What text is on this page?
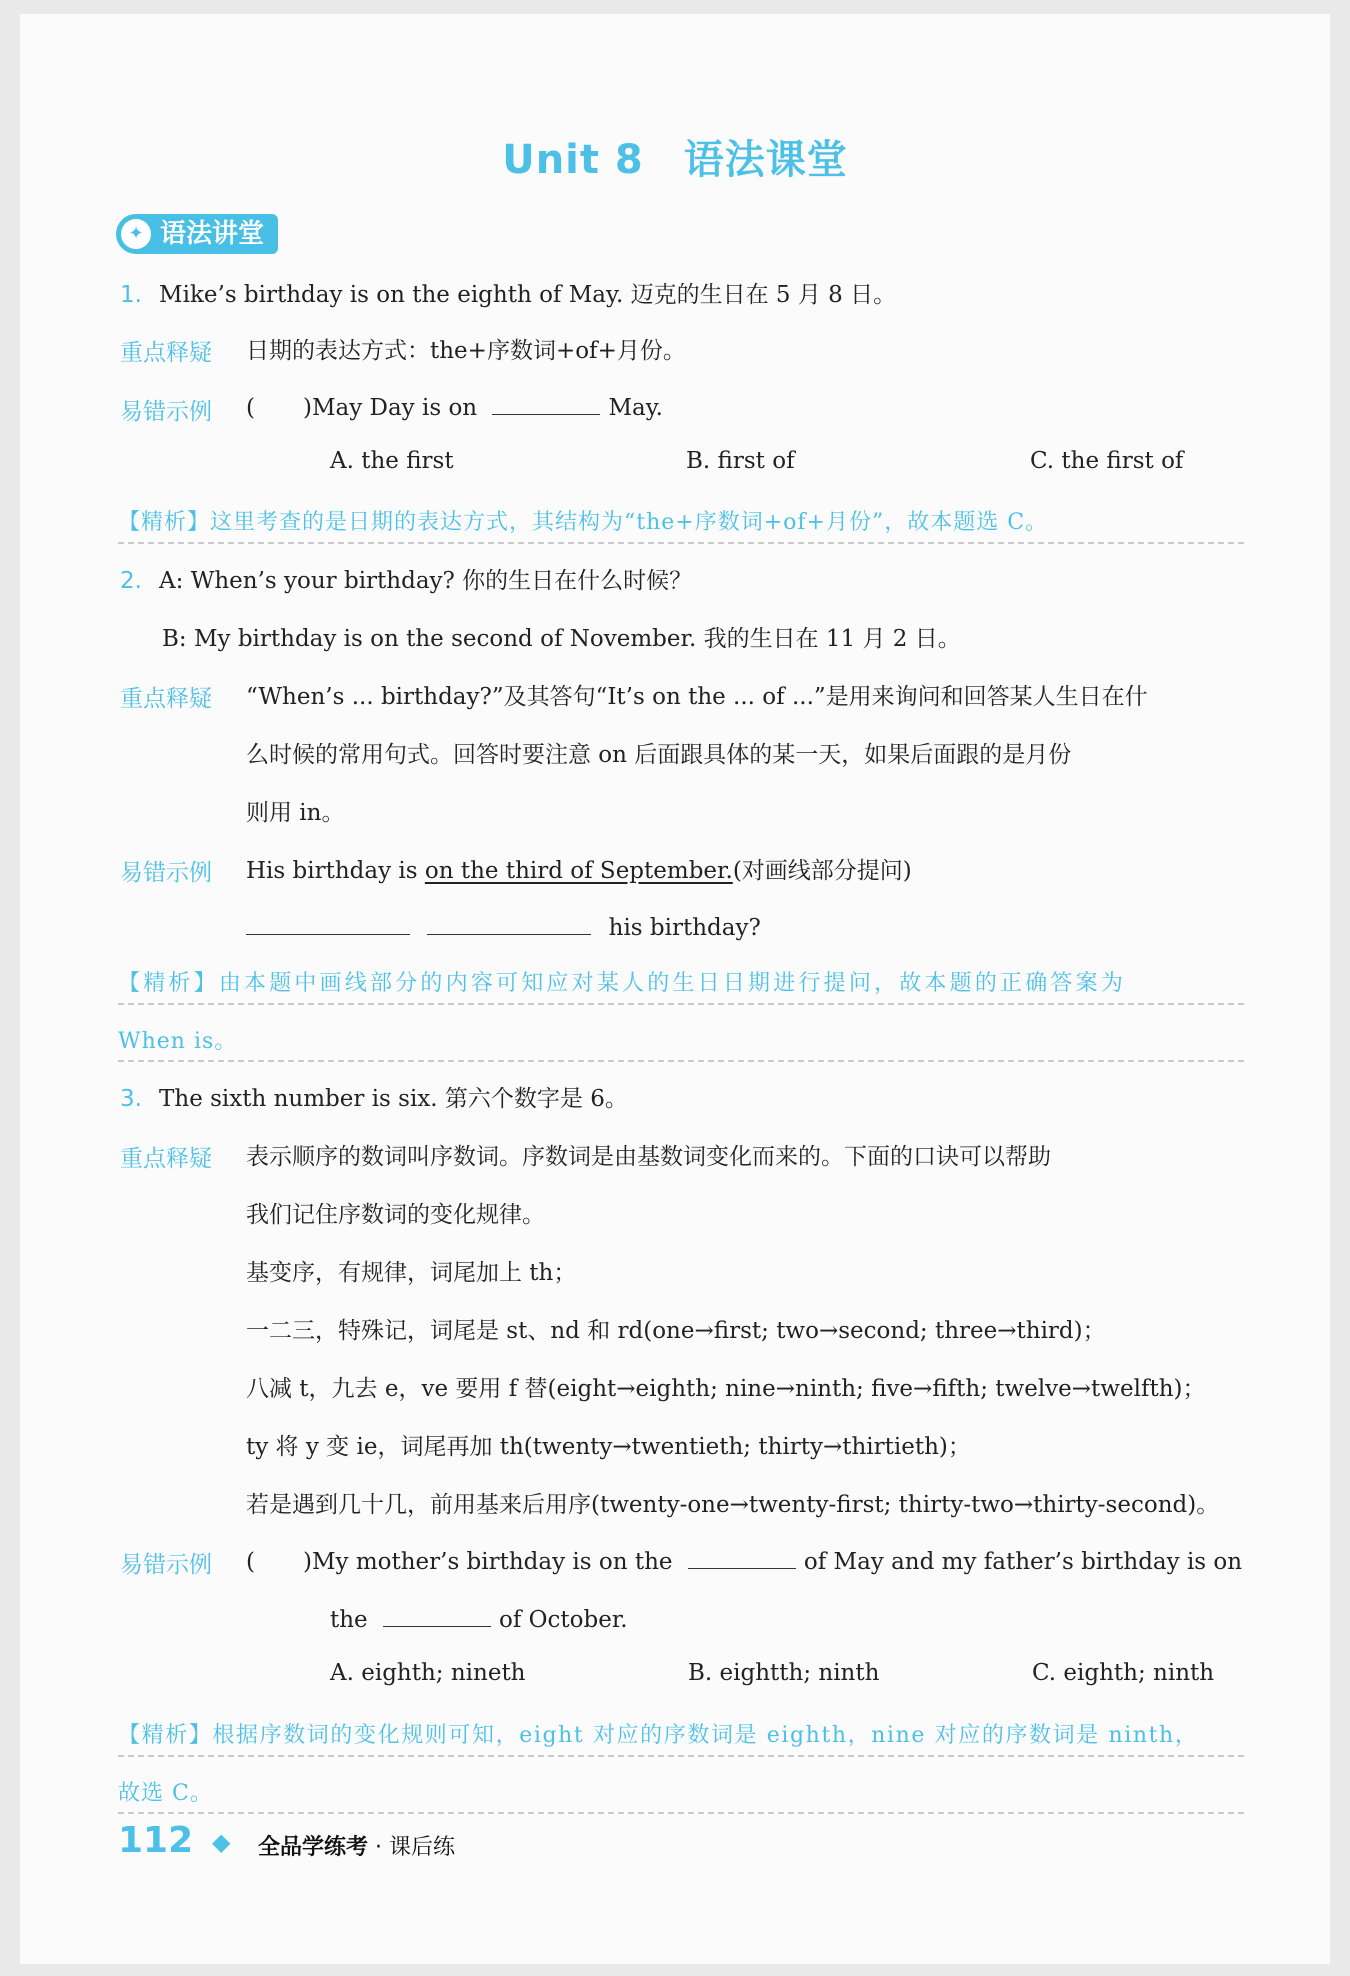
Unit 8 语法课堂
✦ 语法讲堂
1. Mike’s birthday is on the eighth of May. 迈克的生日在 5 月 8 日。
重点释疑 日期的表达方式：the+序数词+of+月份。
易错示例 ( )May Day is on	May.
A. the first	B. first of	C. the first of
【精析】这里考查的是日期的表达方式，其结构为“the+序数词+of+月份”，故本题选 C。
2. A: When’s your birthday? 你的生日在什么时候？
B: My birthday is on the second of November. 我的生日在 11 月 2 日。
重点释疑 “When’s ... birthday?”及其答句“It’s on the ... of ...”是用来询问和回答某人生日在什
么时候的常用句式。回答时要注意 on 后面跟具体的某一天，如果后面跟的是月份
则用 in。
易错示例 His birthday is on the third of September.(对画线部分提问)
his birthday?
【精析】由本题中画线部分的内容可知应对某人的生日日期进行提问，故本题的正确答案为
When is。
3. The sixth number is six. 第六个数字是 6。
重点释疑 表示顺序的数词叫序数词。序数词是由基数词变化而来的。下面的口诀可以帮助
我们记住序数词的变化规律。
基变序，有规律，词尾加上 th；
一二三，特殊记，词尾是 st、nd 和 rd(one→first; two→second; three→third)；
八减 t，九去 e，ve 要用 f 替(eight→eighth; nine→ninth; five→fifth; twelve→twelfth)；
ty 将 y 变 ie，词尾再加 th(twenty→twentieth; thirty→thirtieth)；
若是遇到几十几，前用基来后用序(twenty-one→twenty-first; thirty-two→thirty-second)。
易错示例 ( )My mother’s birthday is on the	of May and my father’s birthday is on
the	of October.
A. eighth; nineth	B. eightth; ninth	C. eighth; ninth
【精析】根据序数词的变化规则可知，eight 对应的序数词是 eighth，nine 对应的序数词是 ninth，
故选 C。
112 ◆ 全品学练考 · 课后练
